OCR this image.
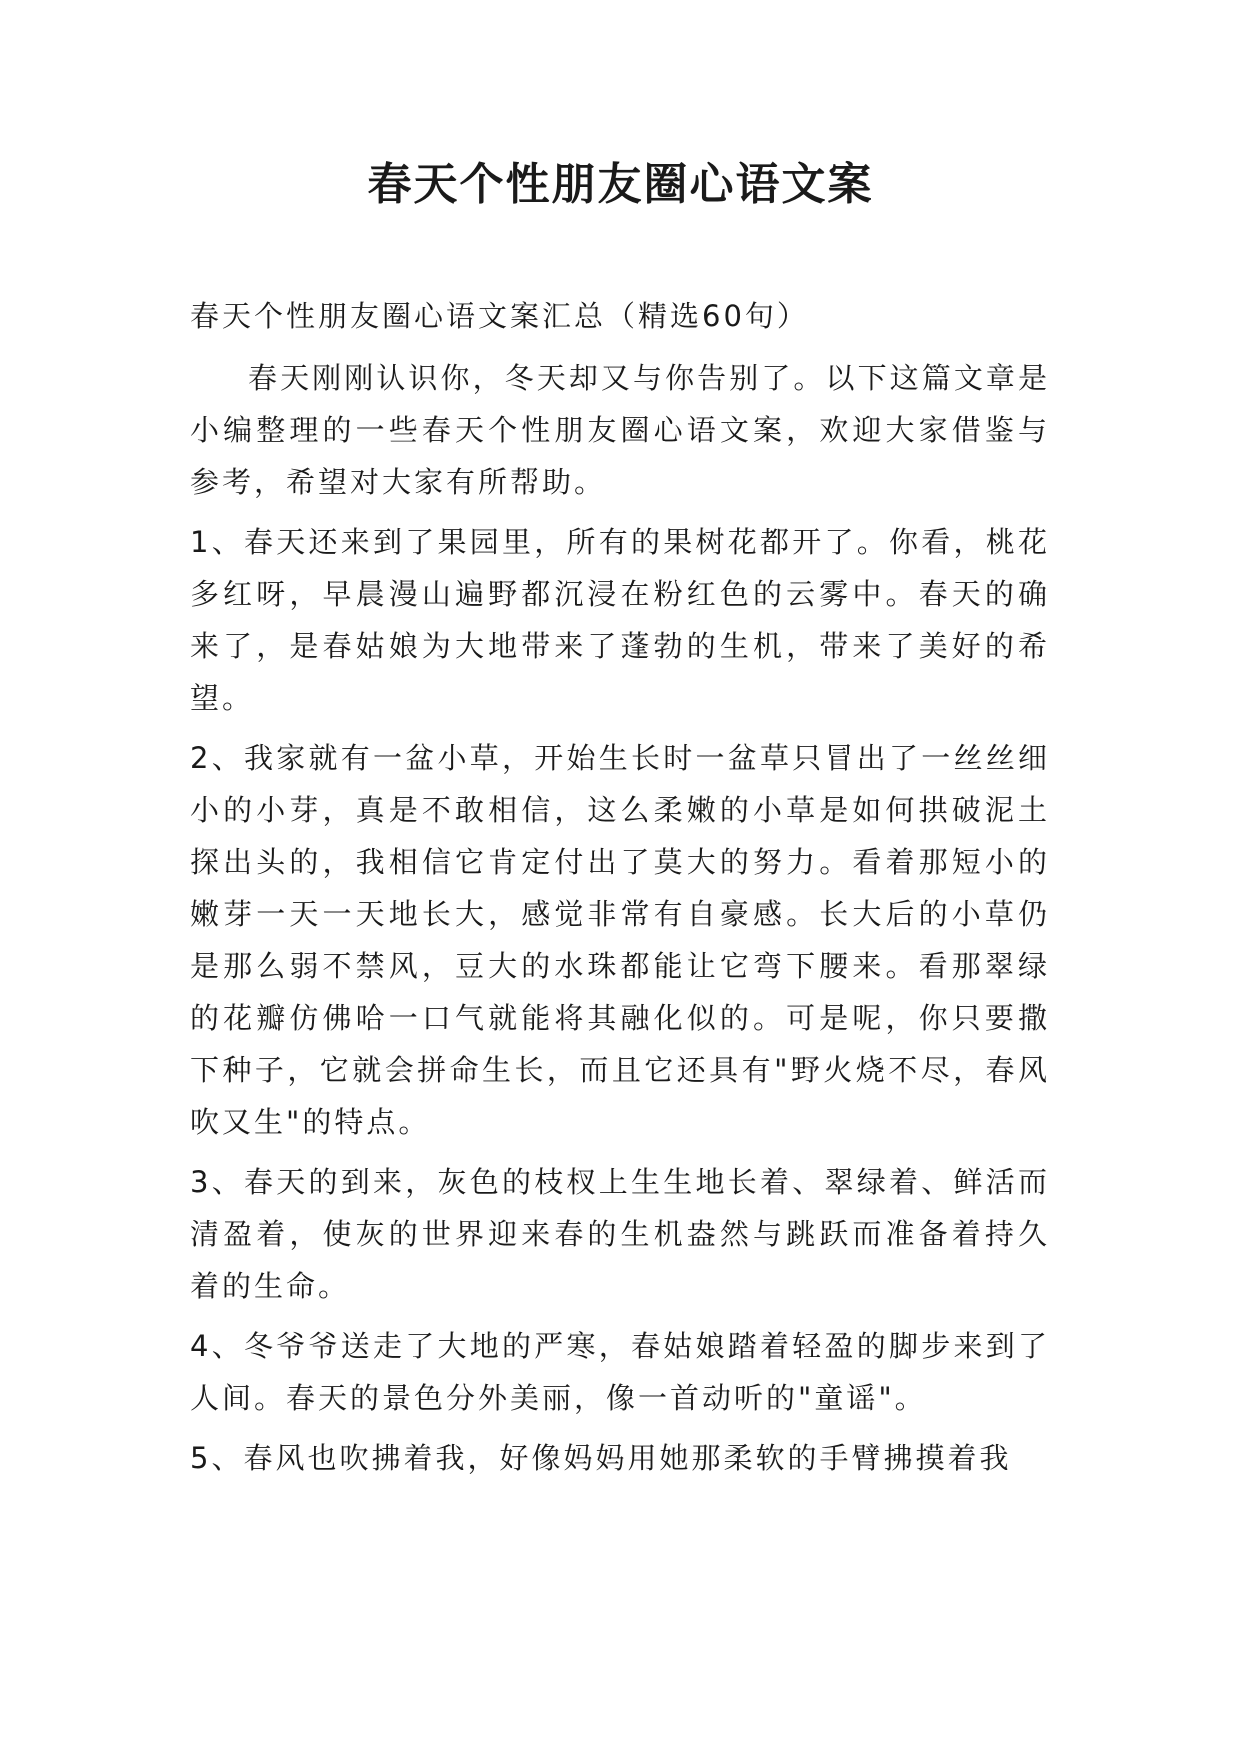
春天个性朋友圈心语文案

春天个性朋友圈心语文案汇总（精选60句）

春天刚刚认识你，冬天却又与你告别了。以下这篇文章是小编整理的一些春天个性朋友圈心语文案，欢迎大家借鉴与参考，希望对大家有所帮助。

1、春天还来到了果园里，所有的果树花都开了。你看，桃花多红呀，早晨漫山遍野都沉浸在粉红色的云雾中。春天的确来了，是春姑娘为大地带来了蓬勃的生机，带来了美好的希望。

2、我家就有一盆小草，开始生长时一盆草只冒出了一丝丝细小的小芽，真是不敢相信，这么柔嫩的小草是如何拱破泥土探出头的，我相信它肯定付出了莫大的努力。看着那短小的嫩芽一天一天地长大，感觉非常有自豪感。长大后的小草仍是那么弱不禁风，豆大的水珠都能让它弯下腰来。看那翠绿的花瓣仿佛哈一口气就能将其融化似的。可是呢，你只要撒下种子，它就会拼命生长，而且它还具有"野火烧不尽，春风吹又生"的特点。

3、春天的到来，灰色的枝杈上生生地长着、翠绿着、鲜活而清盈着，使灰的世界迎来春的生机盎然与跳跃而准备着持久着的生命。

4、冬爷爷送走了大地的严寒，春姑娘踏着轻盈的脚步来到了人间。春天的景色分外美丽，像一首动听的"童谣"。

5、春风也吹拂着我，好像妈妈用她那柔软的手臂拂摸着我
